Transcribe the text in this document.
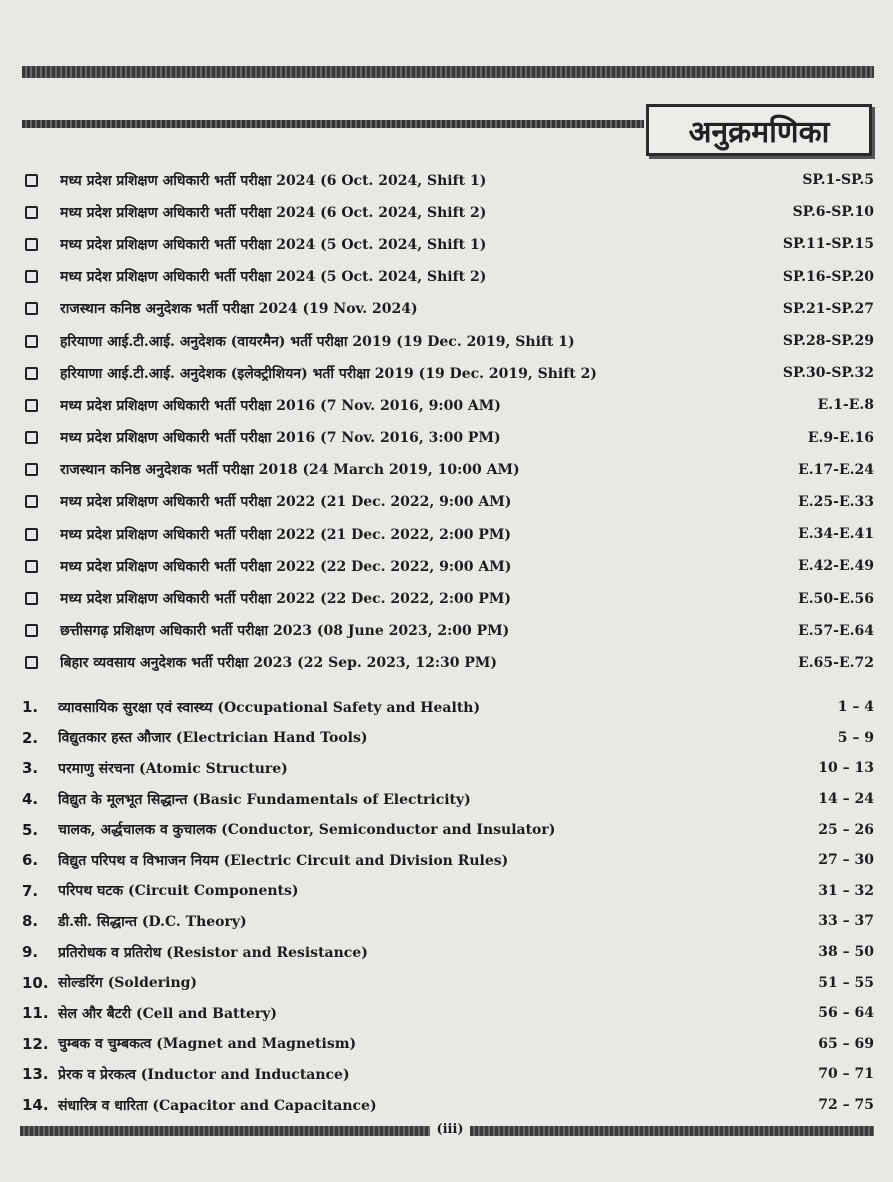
अनुक्रमणिका
मध्य प्रदेश प्रशिक्षण अधिकारी भर्ती परीक्षा 2024 (6 Oct. 2024, Shift 1)	SP.1-SP.5
मध्य प्रदेश प्रशिक्षण अधिकारी भर्ती परीक्षा 2024 (6 Oct. 2024, Shift 2)	SP.6-SP.10
मध्य प्रदेश प्रशिक्षण अधिकारी भर्ती परीक्षा 2024 (5 Oct. 2024, Shift 1)	SP.11-SP.15
मध्य प्रदेश प्रशिक्षण अधिकारी भर्ती परीक्षा 2024 (5 Oct. 2024, Shift 2)	SP.16-SP.20
राजस्थान कनिष्ठ अनुदेशक भर्ती परीक्षा 2024 (19 Nov. 2024)	SP.21-SP.27
हरियाणा आई.टी.आई. अनुदेशक (वायरमैन) भर्ती परीक्षा 2019 (19 Dec. 2019, Shift 1)	SP.28-SP.29
हरियाणा आई.टी.आई. अनुदेशक (इलेक्ट्रीशियन) भर्ती परीक्षा 2019 (19 Dec. 2019, Shift 2)	SP.30-SP.32
मध्य प्रदेश प्रशिक्षण अधिकारी भर्ती परीक्षा 2016 (7 Nov. 2016, 9:00 AM)	E.1-E.8
मध्य प्रदेश प्रशिक्षण अधिकारी भर्ती परीक्षा 2016 (7 Nov. 2016, 3:00 PM)	E.9-E.16
राजस्थान कनिष्ठ अनुदेशक भर्ती परीक्षा 2018 (24 March 2019, 10:00 AM)	E.17-E.24
मध्य प्रदेश प्रशिक्षण अधिकारी भर्ती परीक्षा 2022 (21 Dec. 2022, 9:00 AM)	E.25-E.33
मध्य प्रदेश प्रशिक्षण अधिकारी भर्ती परीक्षा 2022 (21 Dec. 2022, 2:00 PM)	E.34-E.41
मध्य प्रदेश प्रशिक्षण अधिकारी भर्ती परीक्षा 2022 (22 Dec. 2022, 9:00 AM)	E.42-E.49
मध्य प्रदेश प्रशिक्षण अधिकारी भर्ती परीक्षा 2022 (22 Dec. 2022, 2:00 PM)	E.50-E.56
छत्तीसगढ़ प्रशिक्षण अधिकारी भर्ती परीक्षा 2023 (08 June 2023, 2:00 PM)	E.57-E.64
बिहार व्यवसाय अनुदेशक भर्ती परीक्षा 2023 (22 Sep. 2023, 12:30 PM)	E.65-E.72
1.	व्यावसायिक सुरक्षा एवं स्वास्थ्य (Occupational Safety and Health)	1 – 4
2.	विद्युतकार हस्त औजार (Electrician Hand Tools)	5 – 9
3.	परमाणु संरचना (Atomic Structure)	10 – 13
4.	विद्युत के मूलभूत सिद्धान्त (Basic Fundamentals of Electricity)	14 – 24
5.	चालक, अर्द्धचालक व कुचालक (Conductor, Semiconductor and Insulator)	25 – 26
6.	विद्युत परिपथ व विभाजन नियम (Electric Circuit and Division Rules)	27 – 30
7.	परिपथ घटक (Circuit Components)	31 – 32
8.	डी.सी. सिद्धान्त (D.C. Theory)	33 – 37
9.	प्रतिरोधक व प्रतिरोध (Resistor and Resistance)	38 – 50
10. सोल्डरिंग (Soldering)	51 – 55
11. सेल और बैटरी (Cell and Battery)	56 – 64
12. चुम्बक व चुम्बकत्व (Magnet and Magnetism)	65 – 69
13. प्रेरक व प्रेरकत्व (Inductor and Inductance)	70 – 71
14. संधारित्र व धारिता (Capacitor and Capacitance)	72 – 75
(iii)
